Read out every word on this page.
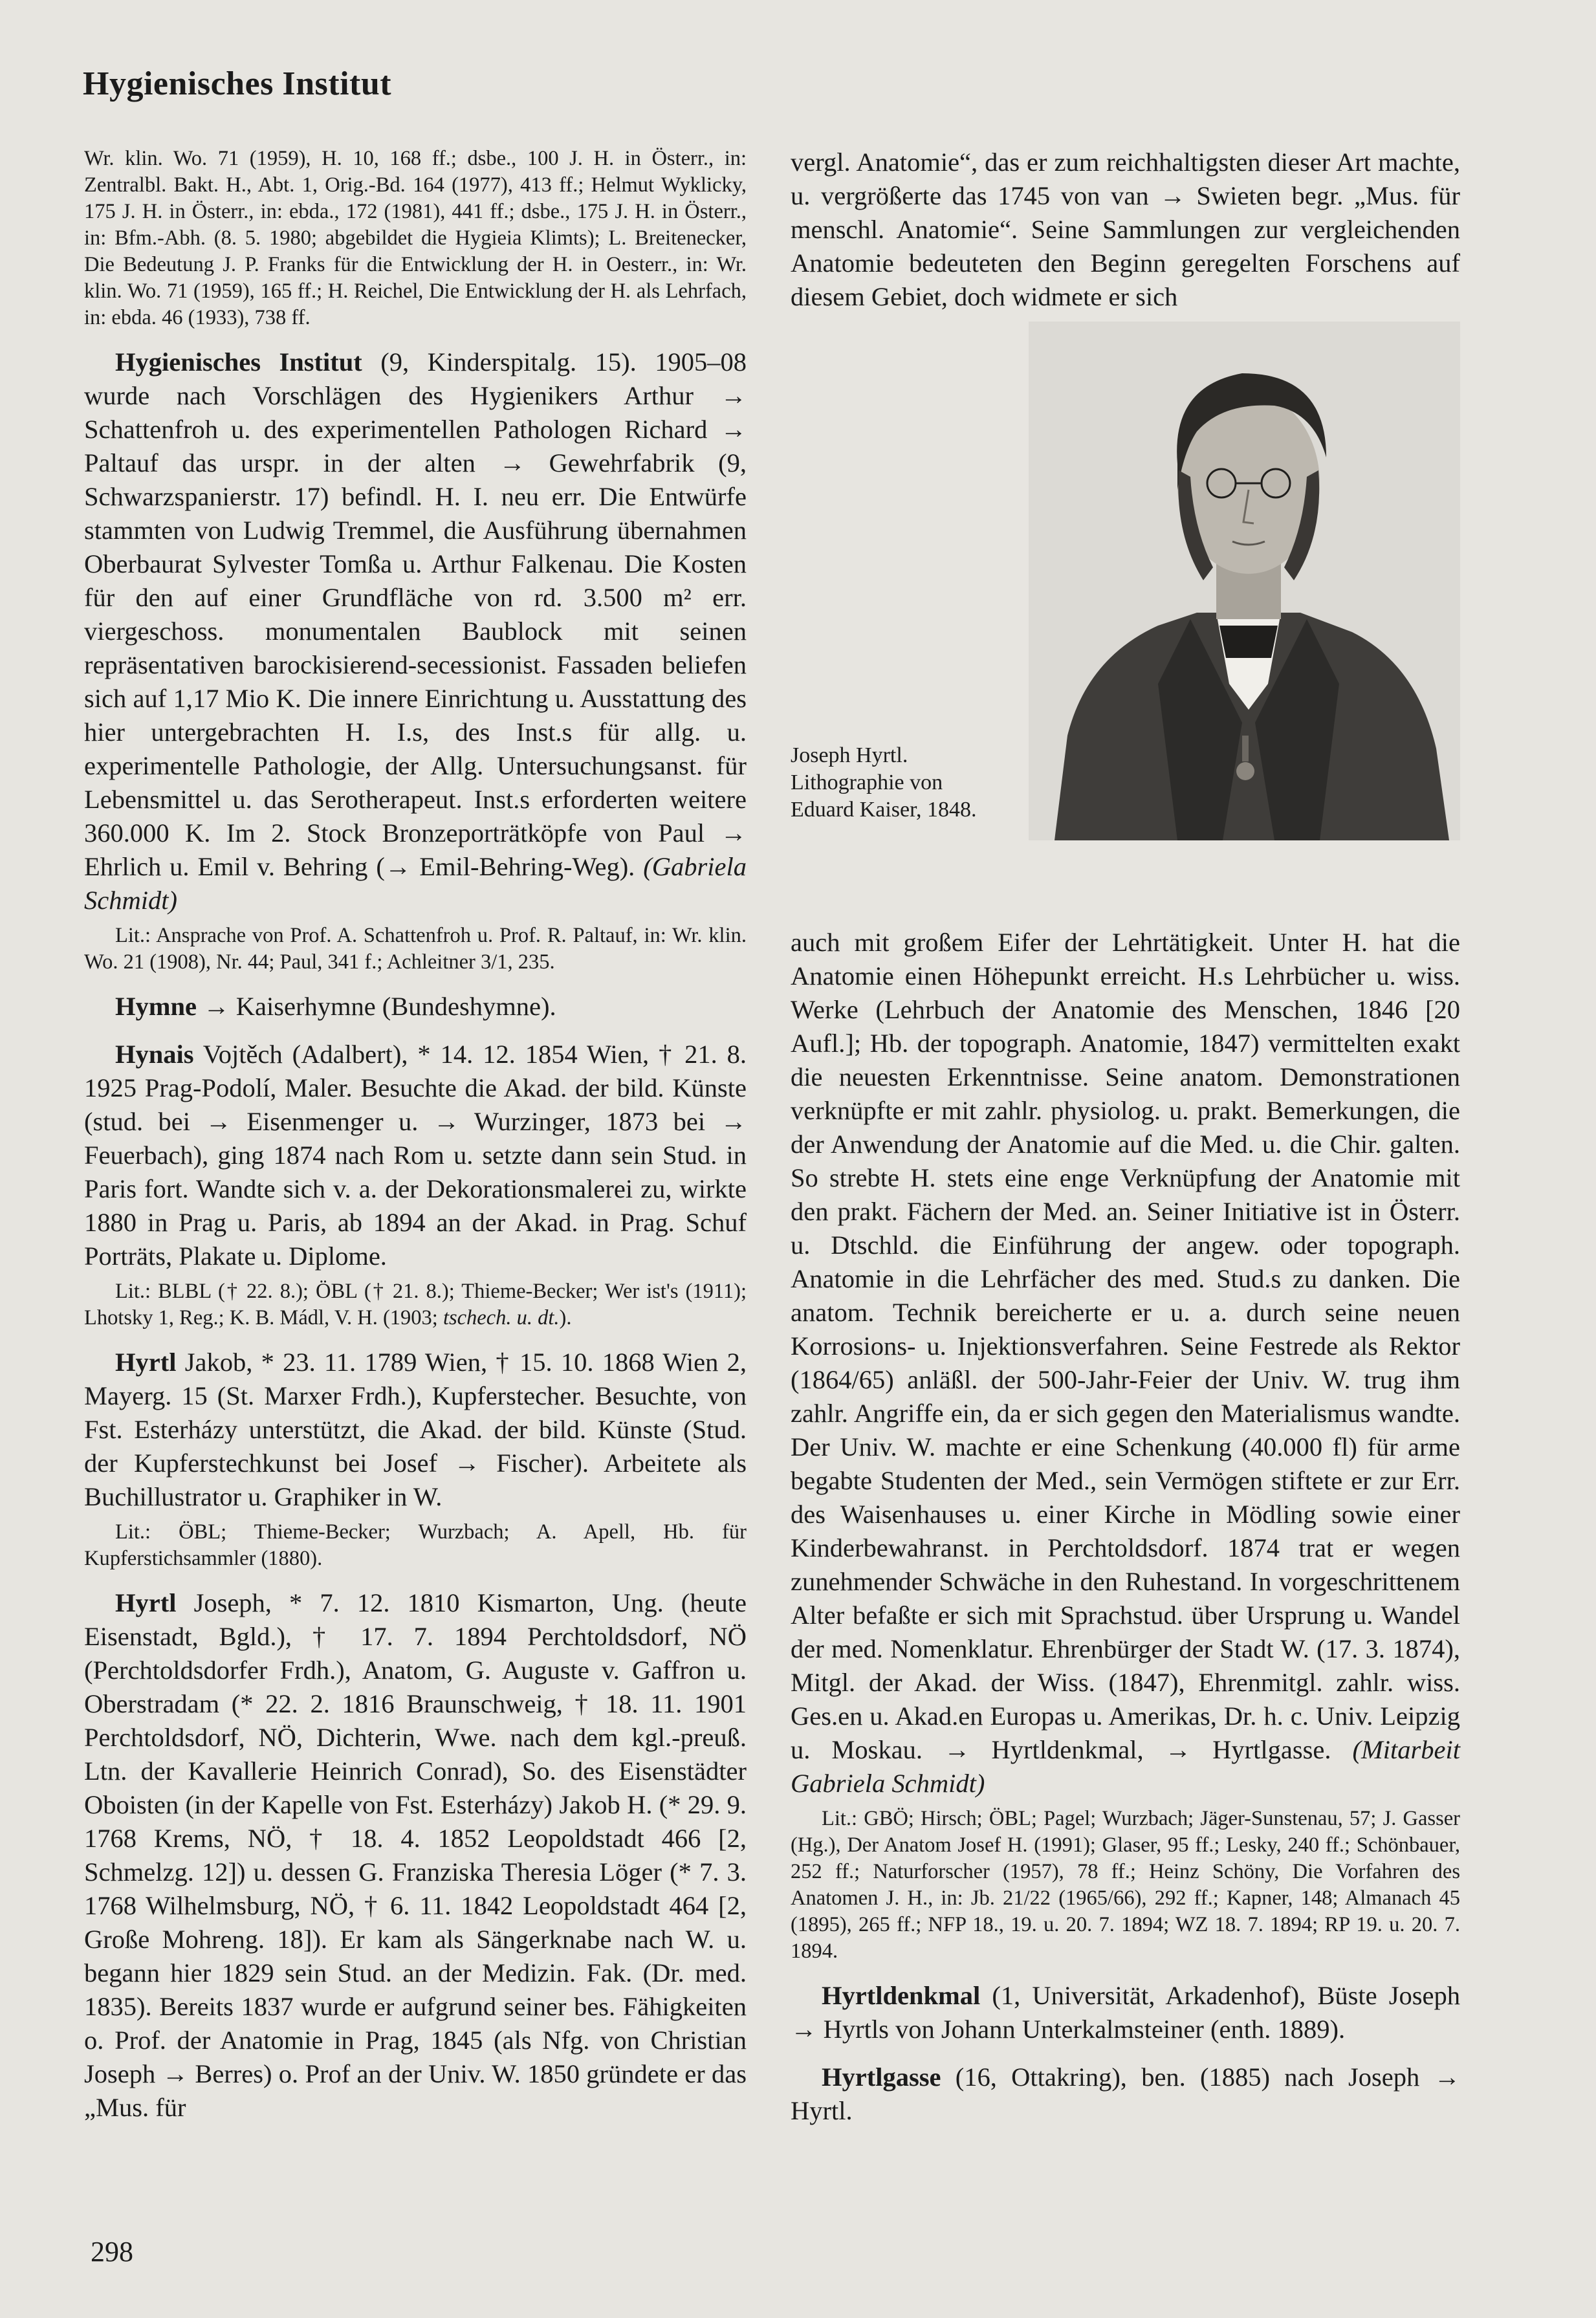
Hygienisches Institut

Wr. klin. Wo. 71 (1959), H. 10, 168 ff.; dsbe., 100 J. H. in Österr., in: Zentralbl. Bakt. H., Abt. 1, Orig.-Bd. 164 (1977), 413 ff.; Helmut Wyklicky, 175 J. H. in Österr., in: ebda., 172 (1981), 441 ff.; dsbe., 175 J. H. in Österr., in: Bfm.-Abh. (8. 5. 1980; abgebildet die Hygieia Klimts); L. Breitenecker, Die Bedeutung J. P. Franks für die Entwicklung der H. in Oesterr., in: Wr. klin. Wo. 71 (1959), 165 ff.; H. Reichel, Die Entwicklung der H. als Lehrfach, in: ebda. 46 (1933), 738 ff.

Hygienisches Institut (9, Kinderspitalg. 15). 1905–08 wurde nach Vorschlägen des Hygienikers Arthur → Schattenfroh u. des experimentellen Pathologen Richard → Paltauf das urspr. in der alten → Gewehrfabrik (9, Schwarzspanierstr. 17) befindl. H. I. neu err. Die Entwürfe stammten von Ludwig Tremmel, die Ausführung übernahmen Oberbaurat Sylvester Tomßa u. Arthur Falkenau. Die Kosten für den auf einer Grundfläche von rd. 3.500 m² err. viergeschoss. monumentalen Baublock mit seinen repräsentativen barockisierend-secessionist. Fassaden beliefen sich auf 1,17 Mio K. Die innere Einrichtung u. Ausstattung des hier untergebrachten H. I.s, des Inst.s für allg. u. experimentelle Pathologie, der Allg. Untersuchungsanst. für Lebensmittel u. das Serotherapeut. Inst.s erforderten weitere 360.000 K. Im 2. Stock Bronzeporträtköpfe von Paul → Ehrlich u. Emil v. Behring (→ Emil-Behring-Weg). (Gabriela Schmidt)

Lit.: Ansprache von Prof. A. Schattenfroh u. Prof. R. Paltauf, in: Wr. klin. Wo. 21 (1908), Nr. 44; Paul, 341 f.; Achleitner 3/1, 235.

Hymne → Kaiserhymne (Bundeshymne).

Hynais Vojtěch (Adalbert), * 14. 12. 1854 Wien, † 21. 8. 1925 Prag-Podolí, Maler. Besuchte die Akad. der bild. Künste (stud. bei → Eisenmenger u. → Wurzinger, 1873 bei → Feuerbach), ging 1874 nach Rom u. setzte dann sein Stud. in Paris fort. Wandte sich v. a. der Dekorationsmalerei zu, wirkte 1880 in Prag u. Paris, ab 1894 an der Akad. in Prag. Schuf Porträts, Plakate u. Diplome.

Lit.: BLBL († 22. 8.); ÖBL († 21. 8.); Thieme-Becker; Wer ist's (1911); Lhotsky 1, Reg.; K. B. Mádl, V. H. (1903; tschech. u. dt.).

Hyrtl Jakob, * 23. 11. 1789 Wien, † 15. 10. 1868 Wien 2, Mayerg. 15 (St. Marxer Frdh.), Kupferstecher. Besuchte, von Fst. Esterházy unterstützt, die Akad. der bild. Künste (Stud. der Kupferstechkunst bei Josef → Fischer). Arbeitete als Buchillustrator u. Graphiker in W.

Lit.: ÖBL; Thieme-Becker; Wurzbach; A. Apell, Hb. für Kupferstichsammler (1880).

Hyrtl Joseph, * 7. 12. 1810 Kismarton, Ung. (heute Eisenstadt, Bgld.), † 17. 7. 1894 Perchtoldsdorf, NÖ (Perchtoldsdorfer Frdh.), Anatom, G. Auguste v. Gaffron u. Oberstradam (* 22. 2. 1816 Braunschweig, † 18. 11. 1901 Perchtoldsdorf, NÖ, Dichterin, Wwe. nach dem kgl.-preuß. Ltn. der Kavallerie Heinrich Conrad), So. des Eisenstädter Oboisten (in der Kapelle von Fst. Esterházy) Jakob H. (* 29. 9. 1768 Krems, NÖ, † 18. 4. 1852 Leopoldstadt 466 [2, Schmelzg. 12]) u. dessen G. Franziska Theresia Löger (* 7. 3. 1768 Wilhelmsburg, NÖ, † 6. 11. 1842 Leopoldstadt 464 [2, Große Mohreng. 18]). Er kam als Sängerknabe nach W. u. begann hier 1829 sein Stud. an der Medizin. Fak. (Dr. med. 1835). Bereits 1837 wurde er aufgrund seiner bes. Fähigkeiten o. Prof. der Anatomie in Prag, 1845 (als Nfg. von Christian Joseph → Berres) o. Prof an der Univ. W. 1850 gründete er das „Mus. für

vergl. Anatomie“, das er zum reichhaltigsten dieser Art machte, u. vergrößerte das 1745 von van → Swieten begr. „Mus. für menschl. Anatomie“. Seine Sammlungen zur vergleichenden Anatomie bedeuteten den Beginn geregelten Forschens auf diesem Gebiet, doch widmete er sich

Joseph Hyrtl.
Lithographie von
Eduard Kaiser, 1848.

auch mit großem Eifer der Lehrtätigkeit. Unter H. hat die Anatomie einen Höhepunkt erreicht. H.s Lehrbücher u. wiss. Werke (Lehrbuch der Anatomie des Menschen, 1846 [20 Aufl.]; Hb. der topograph. Anatomie, 1847) vermittelten exakt die neuesten Erkenntnisse. Seine anatom. Demonstrationen verknüpfte er mit zahlr. physiolog. u. prakt. Bemerkungen, die der Anwendung der Anatomie auf die Med. u. die Chir. galten. So strebte H. stets eine enge Verknüpfung der Anatomie mit den prakt. Fächern der Med. an. Seiner Initiative ist in Österr. u. Dtschld. die Einführung der angew. oder topograph. Anatomie in die Lehrfächer des med. Stud.s zu danken. Die anatom. Technik bereicherte er u. a. durch seine neuen Korrosions- u. Injektionsverfahren. Seine Festrede als Rektor (1864/65) anläßl. der 500-Jahr-Feier der Univ. W. trug ihm zahlr. Angriffe ein, da er sich gegen den Materialismus wandte. Der Univ. W. machte er eine Schenkung (40.000 fl) für arme begabte Studenten der Med., sein Vermögen stiftete er zur Err. des Waisenhauses u. einer Kirche in Mödling sowie einer Kinderbewahranst. in Perchtoldsdorf. 1874 trat er wegen zunehmender Schwäche in den Ruhestand. In vorgeschrittenem Alter befaßte er sich mit Sprachstud. über Ursprung u. Wandel der med. Nomenklatur. Ehrenbürger der Stadt W. (17. 3. 1874), Mitgl. der Akad. der Wiss. (1847), Ehrenmitgl. zahlr. wiss. Ges.en u. Akad.en Europas u. Amerikas, Dr. h. c. Univ. Leipzig u. Moskau. → Hyrtldenkmal, → Hyrtlgasse. (Mitarbeit Gabriela Schmidt)

Lit.: GBÖ; Hirsch; ÖBL; Pagel; Wurzbach; Jäger-Sunstenau, 57; J. Gasser (Hg.), Der Anatom Josef H. (1991); Glaser, 95 ff.; Lesky, 240 ff.; Schönbauer, 252 ff.; Naturforscher (1957), 78 ff.; Heinz Schöny, Die Vorfahren des Anatomen J. H., in: Jb. 21/22 (1965/66), 292 ff.; Kapner, 148; Almanach 45 (1895), 265 ff.; NFP 18., 19. u. 20. 7. 1894; WZ 18. 7. 1894; RP 19. u. 20. 7. 1894.

Hyrtldenkmal (1, Universität, Arkadenhof), Büste Joseph → Hyrtls von Johann Unterkalmsteiner (enth. 1889).

Hyrtlgasse (16, Ottakring), ben. (1885) nach Joseph → Hyrtl.

298
